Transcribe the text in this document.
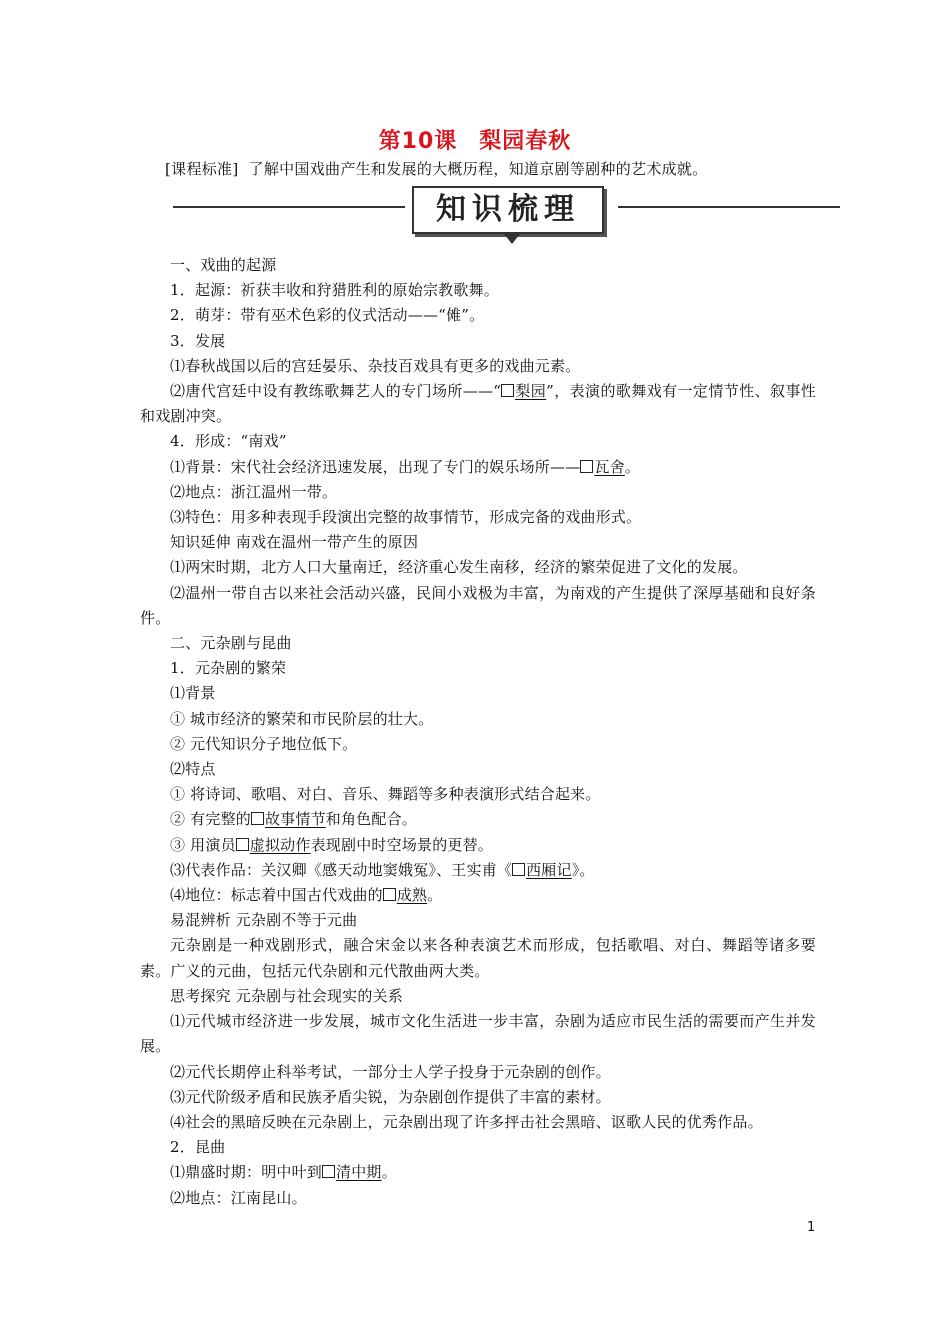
第10课 梨园春秋
[课程标准] 了解中国戏曲产生和发展的大概历程，知道京剧等剧种的艺术成就。
知识梳理

一、戏曲的起源

1．起源：祈获丰收和狩猎胜利的原始宗教歌舞。

2．萌芽：带有巫术色彩的仪式活动——“傩”。

3．发展

⑴春秋战国以后的宫廷晏乐、杂技百戏具有更多的戏曲元素。

⑵唐代宫廷中设有教练歌舞艺人的专门场所——“ 梨园”，表演的歌舞戏有一定情节性、叙事性和戏剧冲突。

4．形成：“南戏”

⑴背景：宋代社会经济迅速发展，出现了专门的娱乐场所—— 瓦舍。

⑵地点：浙江温州一带。

⑶特色：用多种表现手段演出完整的故事情节，形成完备的戏曲形式。

知识延伸 南戏在温州一带产生的原因

⑴两宋时期，北方人口大量南迁，经济重心发生南移，经济的繁荣促进了文化的发展。

⑵温州一带自古以来社会活动兴盛，民间小戏极为丰富，为南戏的产生提供了深厚基础和良好条件。

二、元杂剧与昆曲

1．元杂剧的繁荣

⑴背景

① 城市经济的繁荣和市民阶层的壮大。

② 元代知识分子地位低下。

⑵特点

① 将诗词、歌唱、对白、音乐、舞蹈等多种表演形式结合起来。

② 有完整的 故事情节和角色配合。

③ 用演员 虚拟动作表现剧中时空场景的更替。

⑶代表作品：关汉卿《感天动地窦娥冤》、王实甫《 西厢记》。

⑷地位：标志着中国古代戏曲的 成熟。

易混辨析 元杂剧不等于元曲

元杂剧是一种戏剧形式，融合宋金以来各种表演艺术而形成，包括歌唱、对白、舞蹈等诸多要素。广义的元曲，包括元代杂剧和元代散曲两大类。

思考探究 元杂剧与社会现实的关系

⑴元代城市经济进一步发展，城市文化生活进一步丰富，杂剧为适应市民生活的需要而产生并发展。

⑵元代长期停止科举考试，一部分士人学子投身于元杂剧的创作。

⑶元代阶级矛盾和民族矛盾尖锐，为杂剧创作提供了丰富的素材。

⑷社会的黑暗反映在元杂剧上，元杂剧出现了许多抨击社会黑暗、讴歌人民的优秀作品。

2．昆曲

⑴鼎盛时期：明中叶到 清中期。

⑵地点：江南昆山。

1
